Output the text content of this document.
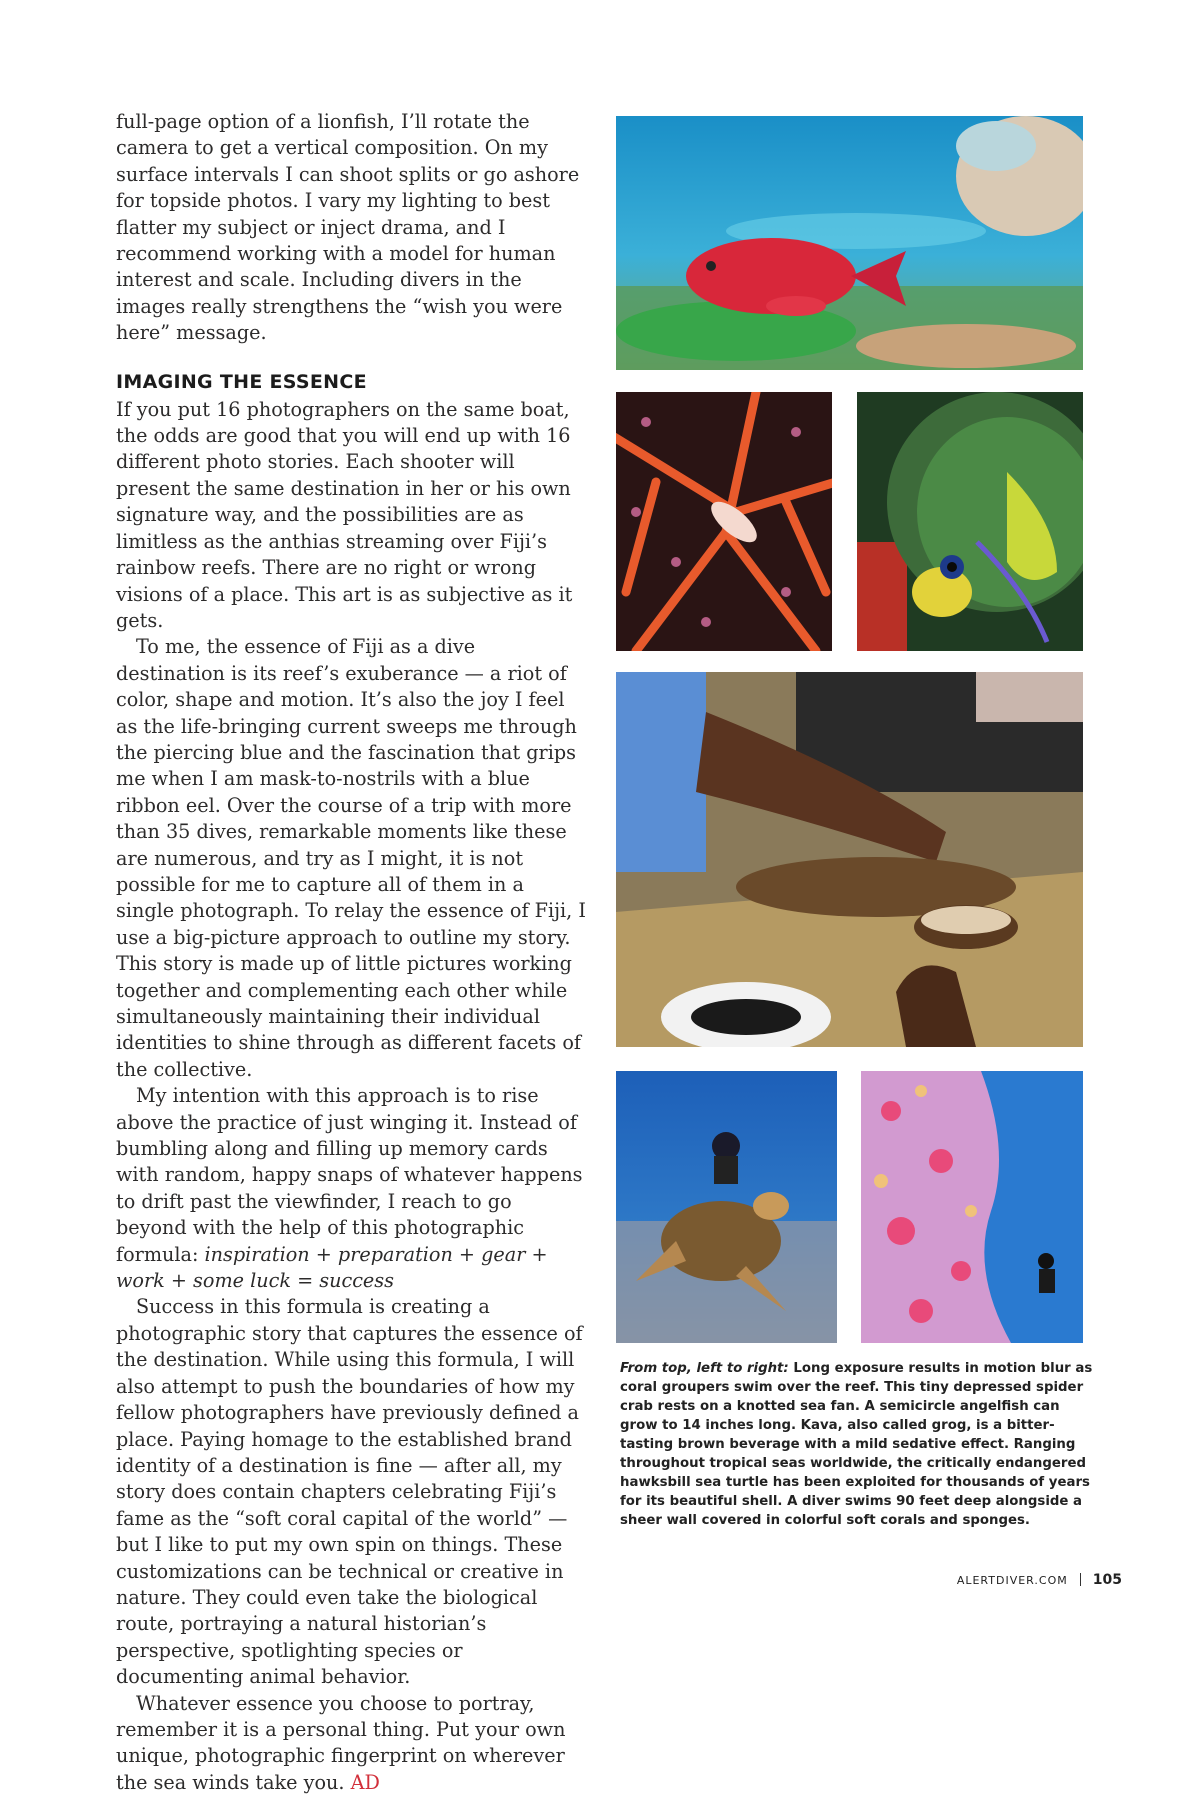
full-page option of a lionfish, I’ll rotate the camera to get a vertical composition. On my surface intervals I can shoot splits or go ashore for topside photos. I vary my lighting to best flatter my subject or inject drama, and I recommend working with a model for human interest and scale. Including divers in the images really strengthens the “wish you were here” message.

IMAGING THE ESSENCE

If you put 16 photographers on the same boat, the odds are good that you will end up with 16 different photo stories. Each shooter will present the same destination in her or his own signature way, and the possibilities are as limitless as the anthias streaming over Fiji’s rainbow reefs. There are no right or wrong visions of a place. This art is as subjective as it gets.

To me, the essence of Fiji as a dive destination is its reef’s exuberance — a riot of color, shape and motion. It’s also the joy I feel as the life-bringing current sweeps me through the piercing blue and the fascination that grips me when I am mask-to-nostrils with a blue ribbon eel. Over the course of a trip with more than 35 dives, remarkable moments like these are numerous, and try as I might, it is not possible for me to capture all of them in a single photograph. To relay the essence of Fiji, I use a big-picture approach to outline my story. This story is made up of little pictures working together and complementing each other while simultaneously maintaining their individual identities to shine through as different facets of the collective.

My intention with this approach is to rise above the practice of just winging it. Instead of bumbling along and filling up memory cards with random, happy snaps of whatever happens to drift past the viewfinder, I reach to go beyond with the help of this photographic formula: inspiration + preparation + gear + work + some luck = success

Success in this formula is creating a photographic story that captures the essence of the destination. While using this formula, I will also attempt to push the boundaries of how my fellow photographers have previously defined a place. Paying homage to the established brand identity of a destination is fine — after all, my story does contain chapters celebrating Fiji’s fame as the “soft coral capital of the world” — but I like to put my own spin on things. These customizations can be technical or creative in nature. They could even take the biological route, portraying a natural historian’s perspective, spotlighting species or documenting animal behavior.

Whatever essence you choose to portray, remember it is a personal thing. Put your own unique, photographic fingerprint on wherever the sea winds take you. AD

From top, left to right: Long exposure results in motion blur as coral groupers swim over the reef. This tiny depressed spider crab rests on a knotted sea fan. A semicircle angelfish can grow to 14 inches long. Kava, also called grog, is a bitter-tasting brown beverage with a mild sedative effect. Ranging throughout tropical seas worldwide, the critically endangered hawksbill sea turtle has been exploited for thousands of years for its beautiful shell. A diver swims 90 feet deep alongside a sheer wall covered in colorful soft corals and sponges.
ALERTDIVER.COM 105
